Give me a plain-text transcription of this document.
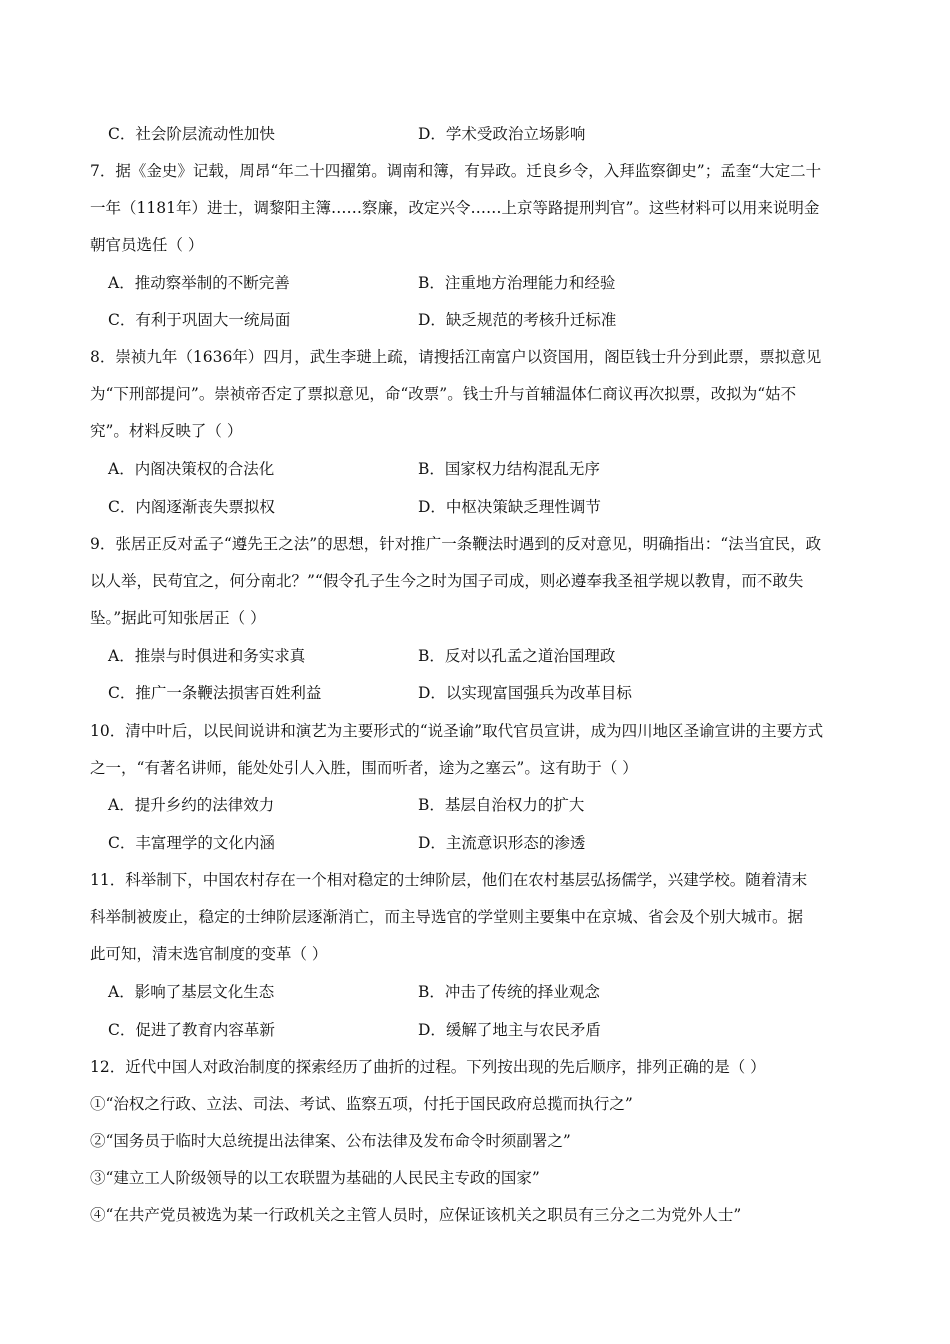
C．社会阶层流动性加快	D．学术受政治立场影响
7．据《金史》记载，周昂“年二十四擢第。调南和簿，有异政。迁良乡令，入拜监察御史”；孟奎“大定二十
一年（1181年）进士，调黎阳主簿……察廉，改定兴令……上京等路提刑判官”。这些材料可以用来说明金
朝官员选任（ ）
A．推动察举制的不断完善	B．注重地方治理能力和经验
C．有利于巩固大一统局面	D．缺乏规范的考核升迁标准
8．崇祯九年（1636年）四月，武生李琎上疏，请搜括江南富户以资国用，阁臣钱士升分到此票，票拟意见
为“下刑部提问”。崇祯帝否定了票拟意见，命“改票”。钱士升与首辅温体仁商议再次拟票，改拟为“姑不
究”。材料反映了（ ）
A．内阁决策权的合法化	B．国家权力结构混乱无序
C．内阁逐渐丧失票拟权	D．中枢决策缺乏理性调节
9．张居正反对孟子“遵先王之法”的思想，针对推广一条鞭法时遇到的反对意见，明确指出：“法当宜民，政
以人举，民苟宜之，何分南北？”“假令孔子生今之时为国子司成，则必遵奉我圣祖学规以教胄，而不敢失
坠。”据此可知张居正（ ）
A．推崇与时俱进和务实求真	B．反对以孔孟之道治国理政
C．推广一条鞭法损害百姓利益	D．以实现富国强兵为改革目标
10．清中叶后，以民间说讲和演艺为主要形式的“说圣谕”取代官员宣讲，成为四川地区圣谕宣讲的主要方式
之一，“有著名讲师，能处处引人入胜，围而听者，途为之塞云”。这有助于（ ）
A．提升乡约的法律效力	B．基层自治权力的扩大
C．丰富理学的文化内涵	D．主流意识形态的渗透
11．科举制下，中国农村存在一个相对稳定的士绅阶层，他们在农村基层弘扬儒学，兴建学校。随着清末
科举制被废止，稳定的士绅阶层逐渐消亡，而主导选官的学堂则主要集中在京城、省会及个别大城市。据
此可知，清末选官制度的变革（ ）
A．影响了基层文化生态	B．冲击了传统的择业观念
C．促进了教育内容革新	D．缓解了地主与农民矛盾
12．近代中国人对政治制度的探索经历了曲折的过程。下列按出现的先后顺序，排列正确的是（ ）
①“治权之行政、立法、司法、考试、监察五项，付托于国民政府总揽而执行之”
②“国务员于临时大总统提出法律案、公布法律及发布命令时须副署之”
③“建立工人阶级领导的以工农联盟为基础的人民民主专政的国家”
④“在共产党员被选为某一行政机关之主管人员时，应保证该机关之职员有三分之二为党外人士”
